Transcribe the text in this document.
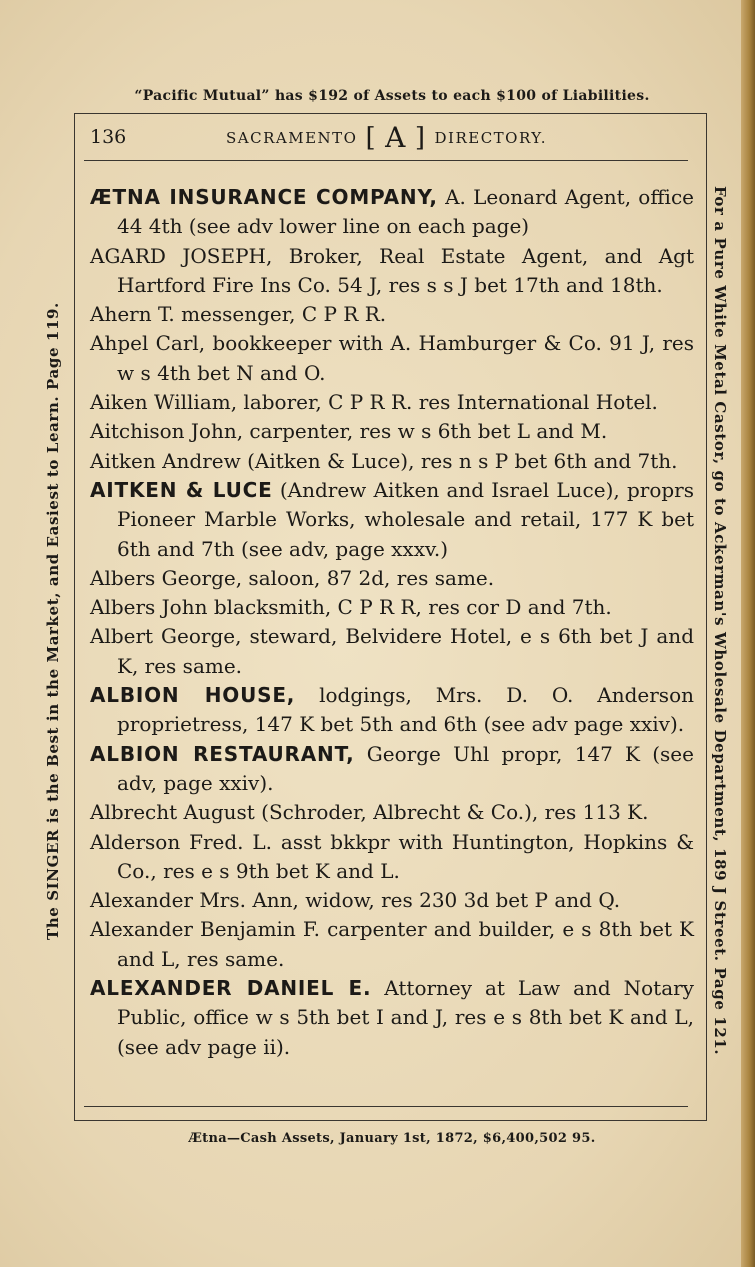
“Pacific Mutual” has $192 of Assets to each $100 of Liabilities.
136	SACRAMENTO [ A ] DIRECTORY.
The SINGER is the Best in the Market, and Easiest to Learn. Page 119.	For a Pure White Metal Castor, go to Ackerman's Wholesale Department, 189 J Street. Page 121.
ÆTNA INSURANCE COMPANY, A. Leonard Agent, office 44 4th (see adv lower line on each page)
AGARD JOSEPH, Broker, Real Estate Agent, and Agt Hartford Fire Ins Co. 54 J, res s s J bet 17th and 18th.
Ahern T. messenger, C P R R.
Ahpel Carl, bookkeeper with A. Hamburger & Co. 91 J, res w s 4th bet N and O.
Aiken William, laborer, C P R R. res International Hotel.
Aitchison John, carpenter, res w s 6th bet L and M.
Aitken Andrew (Aitken & Luce), res n s P bet 6th and 7th.
AITKEN & LUCE (Andrew Aitken and Israel Luce), proprs Pioneer Marble Works, wholesale and retail, 177 K bet 6th and 7th (see adv, page xxxv.)
Albers George, saloon, 87 2d, res same.
Albers John blacksmith, C P R R, res cor D and 7th.
Albert George, steward, Belvidere Hotel, e s 6th bet J and K, res same.
ALBION HOUSE, lodgings, Mrs. D. O. Anderson proprietress, 147 K bet 5th and 6th (see adv page xxiv).
ALBION RESTAURANT, George Uhl propr, 147 K (see adv, page xxiv).
Albrecht August (Schroder, Albrecht & Co.), res 113 K.
Alderson Fred. L. asst bkkpr with Huntington, Hopkins & Co., res e s 9th bet K and L.
Alexander Mrs. Ann, widow, res 230 3d bet P and Q.
Alexander Benjamin F. carpenter and builder, e s 8th bet K and L, res same.
ALEXANDER DANIEL E. Attorney at Law and Notary Public, office w s 5th bet I and J, res e s 8th bet K and L, (see adv page ii).
Ætna—Cash Assets, January 1st, 1872, $6,400,502 95.
